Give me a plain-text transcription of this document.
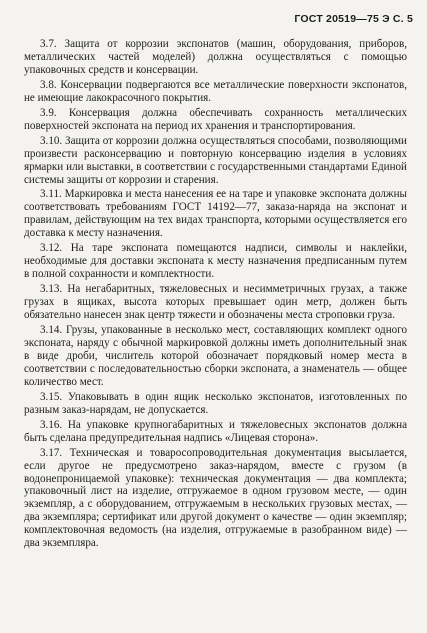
ГОСТ 20519—75 Э С. 5

3.7. Защита от коррозии экспонатов (машин, оборудования, приборов, металлических частей моделей) должна осуществляться с помощью упаковочных средств и консервации.

3.8. Консервации подвергаются все металлические поверхности экспонатов, не имеющие лакокрасочного покрытия.

3.9. Консервация должна обеспечивать сохранность металлических поверхностей экспоната на период их хранения и транспортирования.

3.10. Защита от коррозии должна осуществляться способами, позволяющими произвести расконсервацию и повторную консервацию изделия в условиях ярмарки или выставки, в соответствии с государственными стандартами Единой системы защиты от коррозии и старения.

3.11. Маркировка и места нанесения ее на таре и упаковке экспоната должны соответствовать требованиям ГОСТ 14192—77, заказа-наряда на экспонат и правилам, действующим на тех видах транспорта, которыми осуществляется его доставка к месту назначения.

3.12. На таре экспоната помещаются надписи, символы и наклейки, необходимые для доставки экспоната к месту назначения предписанным путем в полной сохранности и комплектности.

3.13. На негабаритных, тяжеловесных и несимметричных грузах, а также грузах в ящиках, высота которых превышает один метр, должен быть обязательно нанесен знак центр тяжести и обозначены места строповки груза.

3.14. Грузы, упакованные в несколько мест, составляющих комплект одного экспоната, наряду с обычной маркировкой должны иметь дополнительный знак в виде дроби, числитель которой обозначает порядковый номер места в соответствии с последовательностью сборки экспоната, а знаменатель — общее количество мест.

3.15. Упаковывать в один ящик несколько экспонатов, изготовленных по разным заказ-нарядам, не допускается.

3.16. На упаковке крупногабаритных и тяжеловесных экспонатов должна быть сделана предупредительная надпись «Лицевая сторона».

3.17. Техническая и товаросопроводительная документация высылается, если другое не предусмотрено заказ-нарядом, вместе с грузом (в водонепроницаемой упаковке): техническая документация — два комплекта; упаковочный лист на изделие, отгружаемое в одном грузовом месте, — один экземпляр, а с оборудованием, отгружаемым в нескольких грузовых местах, — два экземпляра; сертификат или другой документ о качестве — один экземпляр; комплектовочная ведомость (на изделия, отгружаемые в разобранном виде) — два экземпляра.
